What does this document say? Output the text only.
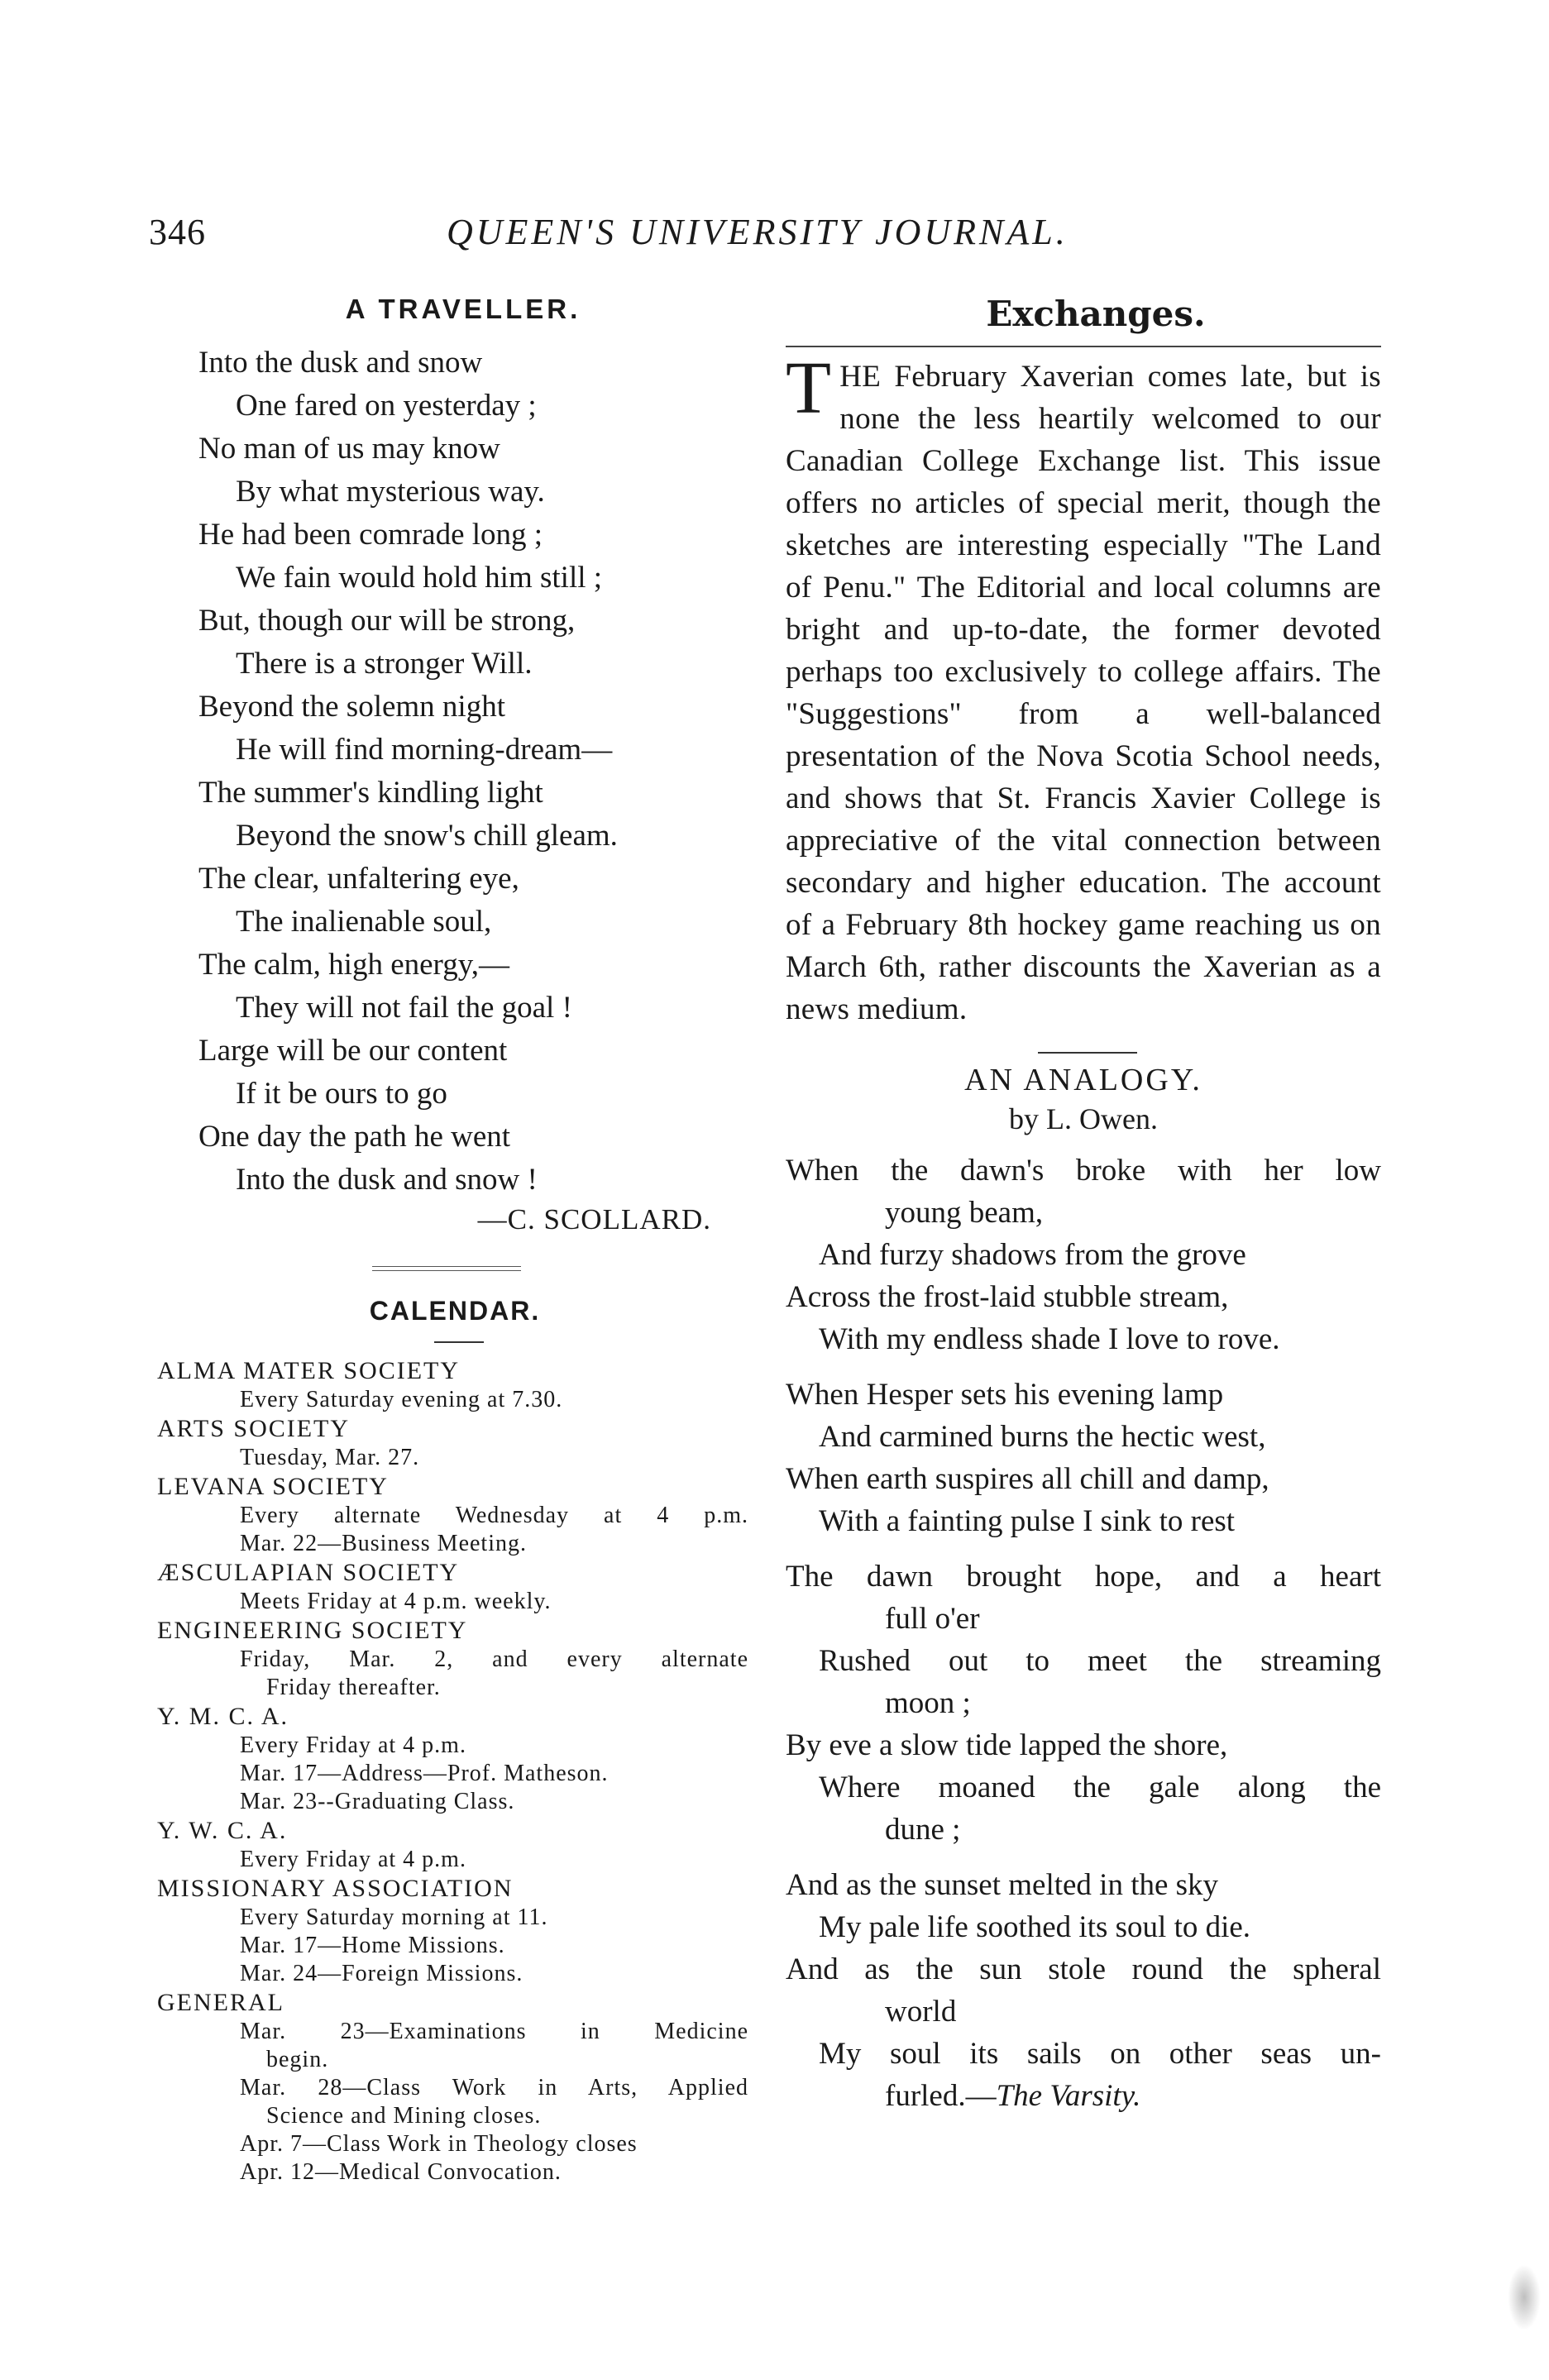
346	QUEEN'S UNIVERSITY JOURNAL.
A TRAVELLER.
Into the dusk and snow
One fared on yesterday ;
No man of us may know
By what mysterious way.
He had been comrade long ;
We fain would hold him still ;
But, though our will be strong,
There is a stronger Will.
Beyond the solemn night
He will find morning-dream—
The summer's kindling light
Beyond the snow's chill gleam.
The clear, unfaltering eye,
The inalienable soul,
The calm, high energy,—
They will not fail the goal !
Large will be our content
If it be ours to go
One day the path he went
Into the dusk and snow !
—C. SCOLLARD.
CALENDAR.
ALMA MATER SOCIETY
Every Saturday evening at 7.30.
ARTS SOCIETY
Tuesday, Mar. 27.
LEVANA SOCIETY
Every alternate Wednesday at 4 p.m.
Mar. 22—Business Meeting.
ÆSCULAPIAN SOCIETY
Meets Friday at 4 p.m. weekly.
ENGINEERING SOCIETY
Friday, Mar. 2, and every alternate
Friday thereafter.
Y. M. C. A.
Every Friday at 4 p.m.
Mar. 17—Address—Prof. Matheson.
Mar. 23--Graduating Class.
Y. W. C. A.
Every Friday at 4 p.m.
MISSIONARY ASSOCIATION
Every Saturday morning at 11.
Mar. 17—Home Missions.
Mar. 24—Foreign Missions.
GENERAL
Mar. 23—Examinations in Medicine
begin.
Mar. 28—Class Work in Arts, Applied
Science and Mining closes.
Apr. 7—Class Work in Theology closes
Apr. 12—Medical Convocation.
Exchanges.
THE February Xaverian comes late, but is none the less heartily welcomed to our Canadian College Exchange list. This issue offers no articles of special merit, though the sketches are interesting especially "The Land of Penu." The Editorial and local columns are bright and up-to-date, the former devoted perhaps too exclusively to college affairs. The "Suggestions" from a well-balanced presentation of the Nova Scotia School needs, and shows that St. Francis Xavier College is appreciative of the vital connection between secondary and higher education. The account of a February 8th hockey game reaching us on March 6th, rather discounts the Xaverian as a news medium.
AN ANALOGY.
by L. Owen.
When the dawn's broke with her low
young beam,
And furzy shadows from the grove
Across the frost-laid stubble stream,
With my endless shade I love to rove.
When Hesper sets his evening lamp
And carmined burns the hectic west,
When earth suspires all chill and damp,
With a fainting pulse I sink to rest
The dawn brought hope, and a heart
full o'er
Rushed out to meet the streaming
moon ;
By eve a slow tide lapped the shore,
Where moaned the gale along the
dune ;
And as the sunset melted in the sky
My pale life soothed its soul to die.
And as the sun stole round the spheral
world
My soul its sails on other seas un-
furled.—The Varsity.
